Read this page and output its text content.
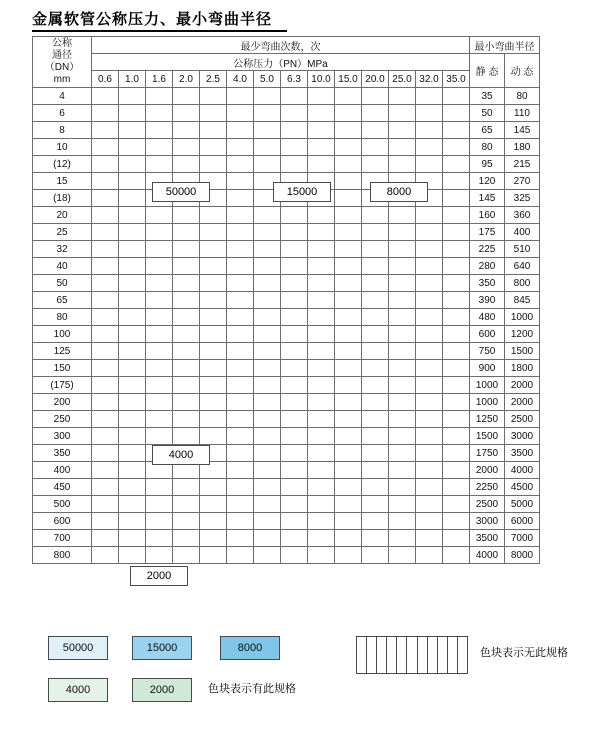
金属软管公称压力、最小弯曲半径
公称
通径
（DN）
mm	最少弯曲次数，次														最小弯曲半径	
	公称压力（PN）MPa														静 态	动 态
	0.6	1.0	1.6	2.0	2.5	4.0	5.0	6.3	10.0	15.0	20.0	25.0	32.0	35.0		
4															35	80
6															50	110
8															65	145
10															80	180
(12)															95	215
15															120	270
(18)															145	325
20															160	360
25															175	400
32															225	510
40															280	640
50															350	800
65															390	845
80															480	1000
100															600	1200
125															750	1500
150															900	1800
(175)															1000	2000
200															1000	2000
250															1250	2500
300															1500	3000
350															1750	3500
400															2000	4000
450															2250	4500
500															2500	5000
600															3000	6000
700															3500	7000
800															4000	8000
50000	15000	8000
4000
2000
50000	15000	8000
4000	2000	色块表示有此规格
色块表示无此规格
